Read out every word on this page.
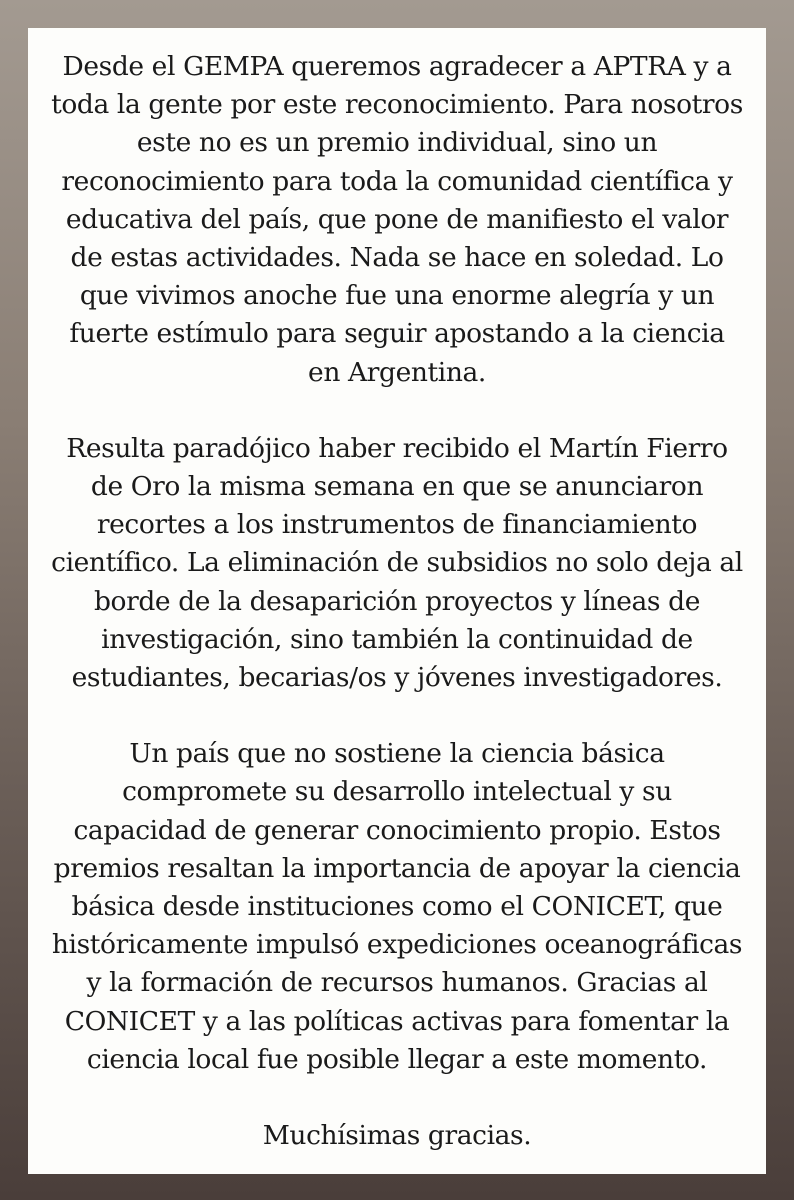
Desde el GEMPA queremos agradecer a APTRA y a
toda la gente por este reconocimiento. Para nosotros
este no es un premio individual, sino un
reconocimiento para toda la comunidad científica y
educativa del país, que pone de manifiesto el valor
de estas actividades. Nada se hace en soledad. Lo
que vivimos anoche fue una enorme alegría y un
fuerte estímulo para seguir apostando a la ciencia
en Argentina.

Resulta paradójico haber recibido el Martín Fierro
de Oro la misma semana en que se anunciaron
recortes a los instrumentos de financiamiento
científico. La eliminación de subsidios no solo deja al
borde de la desaparición proyectos y líneas de
investigación, sino también la continuidad de
estudiantes, becarias/os y jóvenes investigadores.

Un país que no sostiene la ciencia básica
compromete su desarrollo intelectual y su
capacidad de generar conocimiento propio. Estos
premios resaltan la importancia de apoyar la ciencia
básica desde instituciones como el CONICET, que
históricamente impulsó expediciones oceanográficas
y la formación de recursos humanos. Gracias al
CONICET y a las políticas activas para fomentar la
ciencia local fue posible llegar a este momento.

Muchísimas gracias.
